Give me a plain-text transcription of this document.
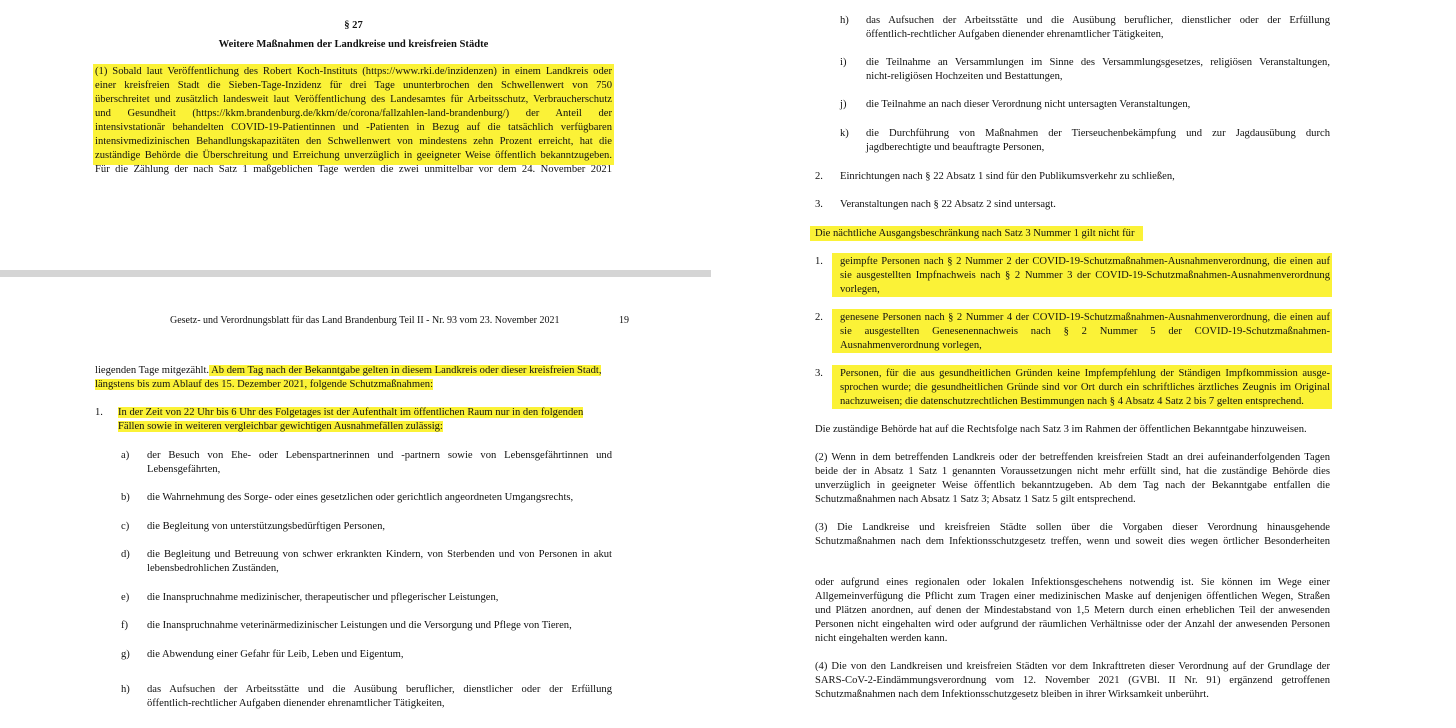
§ 27
Weitere Maßnahmen der Landkreise und kreisfreien Städte
(1) Sobald laut Veröffentlichung des Robert Koch-Instituts (https://www.rki.de/inzidenzen) in einem Landkreis oder
einer kreisfreien Stadt die Sieben-Tage-Inzidenz für drei Tage ununterbrochen den Schwellenwert von 750
überschreitet und zusätzlich landesweit laut Veröffentlichung des Landesamtes für Arbeitsschutz, Verbraucherschutz
und Gesundheit (https://kkm.brandenburg.de/kkm/de/corona/fallzahlen-land-brandenburg/) der Anteil der
intensivstationär behandelten COVID-19-Patientinnen und -Patienten in Bezug auf die tatsächlich verfügbaren
intensivmedizinischen Behandlungskapazitäten den Schwellenwert von mindestens zehn Prozent erreicht, hat die
zuständige Behörde die Überschreitung und Erreichung unverzüglich in geeigneter Weise öffentlich bekanntzugeben.
Für die Zählung der nach Satz 1 maßgeblichen Tage werden die zwei unmittelbar vor dem 24. November 2021
Gesetz- und Verordnungsblatt für das Land Brandenburg Teil II - Nr. 93 vom 23. November 2021	19
liegenden Tage mitgezählt. Ab dem Tag nach der Bekanntgabe gelten in diesem Landkreis oder dieser kreisfreien Stadt,
längstens bis zum Ablauf des 15. Dezember 2021, folgende Schutzmaßnahmen:
1. In der Zeit von 22 Uhr bis 6 Uhr des Folgetages ist der Aufenthalt im öffentlichen Raum nur in den folgenden
Fällen sowie in weiteren vergleichbar gewichtigen Ausnahmefällen zulässig:
a) der Besuch von Ehe- oder Lebenspartnerinnen und -partnern sowie von Lebensgefährtinnen und
Lebensgefährten,
b) die Wahrnehmung des Sorge- oder eines gesetzlichen oder gerichtlich angeordneten Umgangsrechts,
c) die Begleitung von unterstützungsbedürftigen Personen,
d) die Begleitung und Betreuung von schwer erkrankten Kindern, von Sterbenden und von Personen in akut
lebensbedrohlichen Zuständen,
e) die Inanspruchnahme medizinischer, therapeutischer und pflegerischer Leistungen,
f) die Inanspruchnahme veterinärmedizinischer Leistungen und die Versorgung und Pflege von Tieren,
g) die Abwendung einer Gefahr für Leib, Leben und Eigentum,
h) das Aufsuchen der Arbeitsstätte und die Ausübung beruflicher, dienstlicher oder der Erfüllung
öffentlich-rechtlicher Aufgaben dienender ehrenamtlicher Tätigkeiten,
h) das Aufsuchen der Arbeitsstätte und die Ausübung beruflicher, dienstlicher oder der Erfüllung
öffentlich-rechtlicher Aufgaben dienender ehrenamtlicher Tätigkeiten,
i) die Teilnahme an Versammlungen im Sinne des Versammlungsgesetzes, religiösen Veranstaltungen,
nicht-religiösen Hochzeiten und Bestattungen,
j) die Teilnahme an nach dieser Verordnung nicht untersagten Veranstaltungen,
k) die Durchführung von Maßnahmen der Tierseuchenbekämpfung und zur Jagdausübung durch
jagdberechtigte und beauftragte Personen,
2. Einrichtungen nach § 22 Absatz 1 sind für den Publikumsverkehr zu schließen,
3. Veranstaltungen nach § 22 Absatz 2 sind untersagt.
Die nächtliche Ausgangsbeschränkung nach Satz 3 Nummer 1 gilt nicht für
1. geimpfte Personen nach § 2 Nummer 2 der COVID-19-Schutzmaßnahmen-Ausnahmenverordnung, die einen auf
sie ausgestellten Impfnachweis nach § 2 Nummer 3 der COVID-19-Schutzmaßnahmen-Ausnahmenverordnung
vorlegen,
2. genesene Personen nach § 2 Nummer 4 der COVID-19-Schutzmaßnahmen-Ausnahmenverordnung, die einen auf
sie ausgestellten Genesenennachweis nach § 2 Nummer 5 der COVID-19-Schutzmaßnahmen-
Ausnahmenverordnung vorlegen,
3. Personen, für die aus gesundheitlichen Gründen keine Impfempfehlung der Ständigen Impfkommission ausge-
sprochen wurde; die gesundheitlichen Gründe sind vor Ort durch ein schriftliches ärztliches Zeugnis im Original
nachzuweisen; die datenschutzrechtlichen Bestimmungen nach § 4 Absatz 4 Satz 2 bis 7 gelten entsprechend.
Die zuständige Behörde hat auf die Rechtsfolge nach Satz 3 im Rahmen der öffentlichen Bekanntgabe hinzuweisen.
(2) Wenn in dem betreffenden Landkreis oder der betreffenden kreisfreien Stadt an drei aufeinanderfolgenden Tagen
beide der in Absatz 1 Satz 1 genannten Voraussetzungen nicht mehr erfüllt sind, hat die zuständige Behörde dies
unverzüglich in geeigneter Weise öffentlich bekanntzugeben. Ab dem Tag nach der Bekanntgabe entfallen die
Schutzmaßnahmen nach Absatz 1 Satz 3; Absatz 1 Satz 5 gilt entsprechend.
(3) Die Landkreise und kreisfreien Städte sollen über die Vorgaben dieser Verordnung hinausgehende
Schutzmaßnahmen nach dem Infektionsschutzgesetz treffen, wenn und soweit dies wegen örtlicher Besonderheiten
oder aufgrund eines regionalen oder lokalen Infektionsgeschehens notwendig ist. Sie können im Wege einer
Allgemeinverfügung die Pflicht zum Tragen einer medizinischen Maske auf denjenigen öffentlichen Wegen, Straßen
und Plätzen anordnen, auf denen der Mindestabstand von 1,5 Metern durch einen erheblichen Teil der anwesenden
Personen nicht eingehalten wird oder aufgrund der räumlichen Verhältnisse oder der Anzahl der anwesenden Personen
nicht eingehalten werden kann.
(4) Die von den Landkreisen und kreisfreien Städten vor dem Inkrafttreten dieser Verordnung auf der Grundlage der
SARS-CoV-2-Eindämmungsverordnung vom 12. November 2021 (GVBl. II Nr. 91) ergänzend getroffenen
Schutzmaßnahmen nach dem Infektionsschutzgesetz bleiben in ihrer Wirksamkeit unberührt.
